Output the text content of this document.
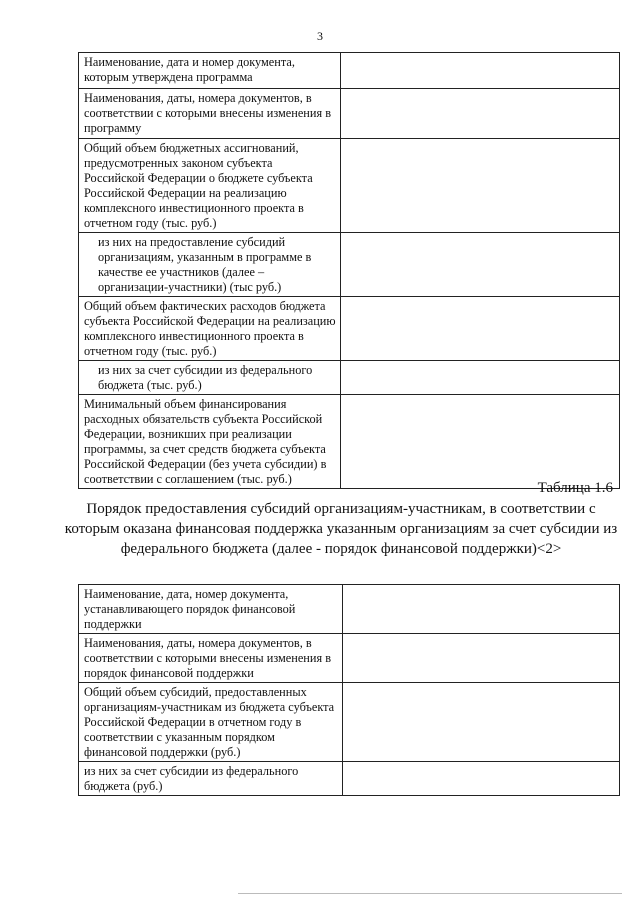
3
Наименование, дата и номер документа, которым утверждена программа	
Наименования, даты, номера документов, в соответствии с которыми внесены изменения в программу	
Общий объем бюджетных ассигнований, предусмотренных законом субъекта Российской Федерации о бюджете субъекта Российской Федерации на реализацию комплексного инвестиционного проекта в отчетном году (тыс. руб.)	
из них на предоставление субсидий организациям, указанным в программе в качестве ее участников (далее – организации-участники) (тыс руб.)	
Общий объем фактических расходов бюджета субъекта Российской Федерации на реализацию комплексного инвестиционного проекта в отчетном году (тыс. руб.)	
из них за счет субсидии из федерального бюджета (тыс. руб.)	
Минимальный объем финансирования расходных обязательств субъекта Российской Федерации, возникших при реализации программы, за счет средств бюджета субъекта Российской Федерации (без учета субсидии) в соответствии с соглашением (тыс. руб.)	
Таблица 1.6
Порядок предоставления субсидий организациям-участникам, в соответствии с которым оказана финансовая поддержка указанным организациям за счет субсидии из федерального бюджета (далее - порядок финансовой поддержки)<2>
Наименование, дата, номер документа, устанавливающего порядок финансовой поддержки	
Наименования, даты, номера документов, в соответствии с которыми внесены изменения в порядок финансовой поддержки	
Общий объем субсидий, предоставленных организациям-участникам из бюджета субъекта Российской Федерации в отчетном году в соответствии с указанным порядком финансовой поддержки (руб.)	
из них за счет субсидии из федерального бюджета (руб.)	
